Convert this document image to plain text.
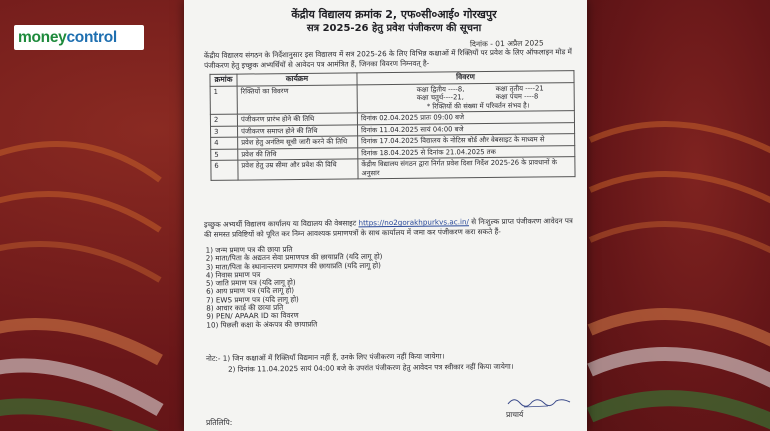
money control
केंद्रीय विद्यालय क्रमांक 2, एफ०सी०आई० गोरखपुर
सत्र 2025-26 हेतु प्रवेश पंजीकरण की सूचना
दिनांक - 01 अप्रैल 2025
केंद्रीय विद्यालय संगठन के निर्देशानुसार इस विद्यालय में सत्र 2025-26 के लिए विभिन्न कक्षाओं में रिक्तियों पर प्रवेश के लिए ऑफलाइन मोड में पंजीकरण हेतु इच्छुक अभ्यर्थियों से आवेदन पत्र आमंत्रित हैं, जिनका विवरण निम्नवत् है-
क्रमांक	कार्यक्रम	विवरण
1	रिक्तियों का विवरण	कक्षा द्वितीय ----8, कक्षा तृतीय ----21
कक्षा चतुर्थ----21, कक्षा पंचम ----8
* रिक्तियों की संख्या में परिवर्तन संभव है।

2	पंजीकरण प्रारंभ होने की तिथि	दिनांक 02.04.2025 प्रातः 09:00 बजे
3	पंजीकरण समाप्त होने की तिथि	दिनांक 11.04.2025 सायं 04:00 बजे
4	प्रवेश हेतु अनंतिम सूची जारी करने की तिथि	दिनांक 17.04.2025 विद्यालय के नोटिस बोर्ड और वेबसाइट के माध्यम से
5	प्रवेश की तिथि	दिनांक 18.04.2025 से दिनांक 21.04.2025 तक
6	प्रवेश हेतु उम्र सीमा और प्रवेश की विधि	केंद्रीय विद्यालय संगठन द्वारा निर्गत प्रवेश दिशा निर्देश 2025-26 के प्रावधानों के अनुसार
इच्छुक अभ्यर्थी विद्यालय कार्यालय या विद्यालय की वेबसाइट https://no2gorakhpurkvs.ac.in/ से निःशुल्क प्राप्त पंजीकरण आवेदन पत्र की समस्त प्रविष्टियों को पूरित कर निम्न आवश्यक प्रमाणपत्रों के साथ कार्यालय में जमा कर पंजीकरण करा सकते हैं-
1) जन्म प्रमाण पत्र की छाया प्रति
2) माता/पिता के अद्यतन सेवा प्रमाणपत्र की छायाप्रति (यदि लागू हो)
3) माता/पिता के स्थानान्तरण प्रमाणपत्र की छायाप्रति (यदि लागू हो)
4) निवास प्रमाण पत्र
5) जाति प्रमाण पत्र (यदि लागू हो)
6) आय प्रमाण पत्र (यदि लागू हो)
7) EWS प्रमाण पत्र (यदि लागू हो)
8) आधार कार्ड की छाया प्रति
9) PEN/ APAAR ID का विवरण
10) पिछली कक्षा के अंकपत्र की छायाप्रति
नोट:- 1) जिन कक्षाओं में रिक्तियाँ विद्यमान नहीं हैं, उनके लिए पंजीकरण नहीं किया जायेगा।
2) दिनांक 11.04.2025 सायं 04:00 बजे के उपरांत पंजीकरण हेतु आवेदन पत्र स्वीकार नहीं किया जायेगा।
प्राचार्य
प्रतिलिपि:
